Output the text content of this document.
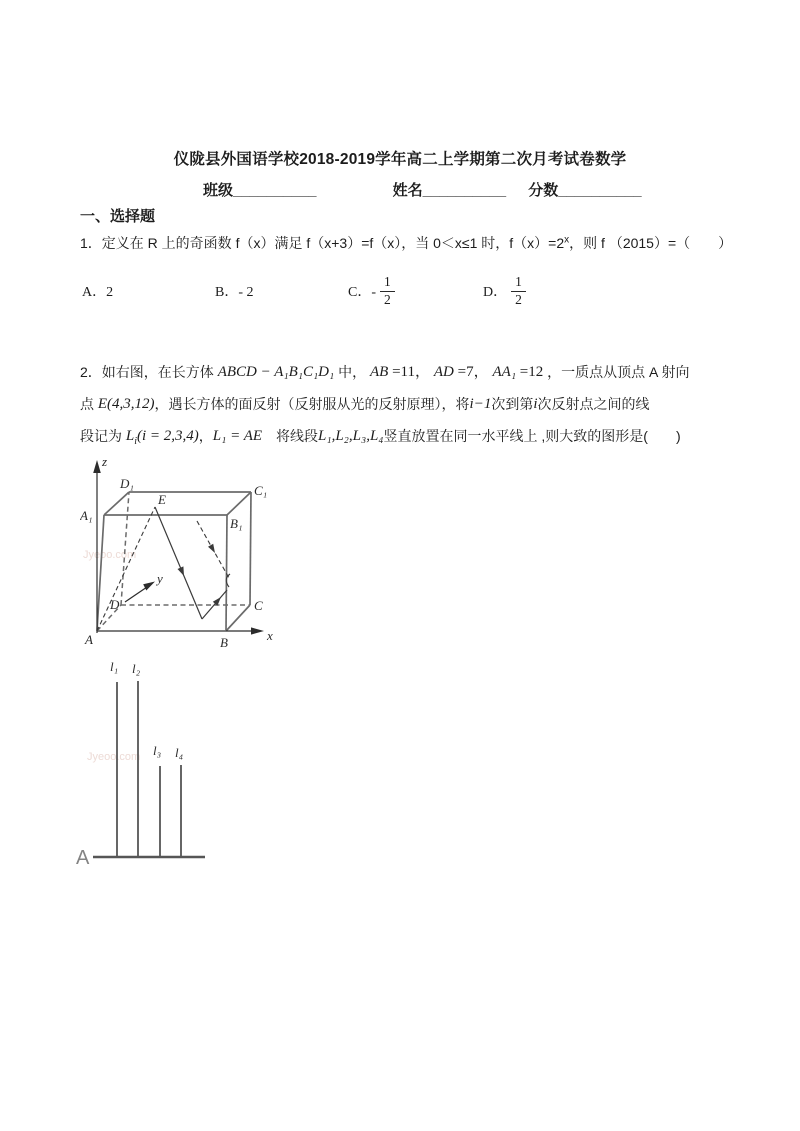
仪陇县外国语学校2018-2019学年高二上学期第二次月考试卷数学
班级__________	姓名__________ 分数__________
一、选择题
1．定义在 R 上的奇函数 f（x）满足 f（x+3）=f（x），当 0＜x≤1 时，$f(x)=2^x$，则 f （2015）=（　　）
A．2	B．- 2	C．- $\frac{1}{2}$	D． $\frac{1}{2}$
2．如右图，在长方体 ABCD − A₁B₁C₁D₁ 中， AB =11， AD =7， AA₁ =12 ，一质点从顶点 A 射向
点 E(4,3,12)，遇长方体的面反射（反射服从光的反射原理），将i−1次到第i次反射点之间的线
段记为 $L_i(i = 2,3,4)$，L₁ = AE　将线段L₁,L₂,L₃,L₄竖直放置在同一水平线上 ,则大致的图形是(　　)
Jyeoo.com
z
x
y
A	B
C
D
A₁
B₁
C₁
D₁
E
Jyeoo.com
l₁ l₂
l₃ l₄
A
